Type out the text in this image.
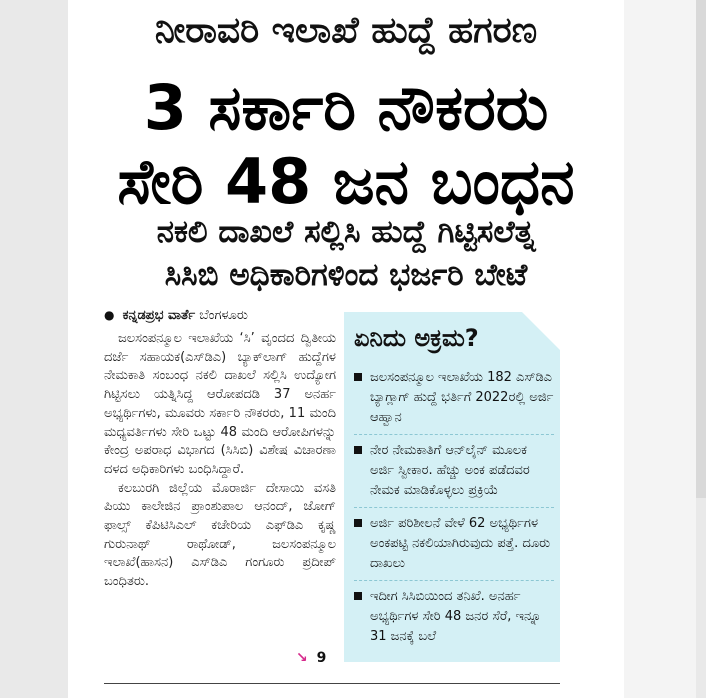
ನೀರಾವರಿ ಇಲಾಖೆ ಹುದ್ದೆ ಹಗರಣ
3 ಸರ್ಕಾರಿ ನೌಕರರು
ಸೇರಿ 48 ಜನ ಬಂಧನ
ನಕಲಿ ದಾಖಲೆ ಸಲ್ಲಿಸಿ ಹುದ್ದೆ ಗಿಟ್ಟಿಸಲೆತ್ನ
ಸಿಸಿಬಿ ಅಧಿಕಾರಿಗಳಿಂದ ಭರ್ಜರಿ ಬೇಟೆ
● ಕನ್ನಡಪ್ರಭ ವಾರ್ತೆ ಬೆಂಗಳೂರು

ಜಲಸಂಪನ್ಮೂಲ ಇಲಾಖೆಯ ‘ಸಿ’ ವೃಂದದ ದ್ವಿತೀಯ ದರ್ಜೆ ಸಹಾಯಕ(ಎಸ್‌ಡಿಎ) ಬ್ಯಾಕ್‌ಲಾಗ್ ಹುದ್ದೆಗಳ ನೇಮಕಾತಿ ಸಂಬಂಧ ನಕಲಿ ದಾಖಲೆ ಸಲ್ಲಿಸಿ ಉದ್ಯೋಗ ಗಿಟ್ಟಿಸಲು ಯತ್ನಿಸಿದ್ದ ಆರೋಪದಡಿ 37 ಅನರ್ಹ ಅಭ್ಯರ್ಥಿಗಳು, ಮೂವರು ಸರ್ಕಾರಿ ನೌಕರರು, 11 ಮಂದಿ ಮಧ್ಯವರ್ತಿಗಳು ಸೇರಿ ಒಟ್ಟು 48 ಮಂದಿ ಆರೋಪಿಗಳನ್ನು ಕೇಂದ್ರ ಅಪರಾಧ ವಿಭಾಗದ (ಸಿಸಿಬಿ) ವಿಶೇಷ ವಿಚಾರಣಾ ದಳದ ಅಧಿಕಾರಿಗಳು ಬಂಧಿಸಿದ್ದಾರೆ.

ಕಲಬುರಗಿ ಜಿಲ್ಲೆಯ ಮೊರಾರ್ಜಿ ದೇಸಾಯಿ ವಸತಿ ಪಿಯು ಕಾಲೇಜಿನ ಪ್ರಾಂಶುಪಾಲ ಆನಂದ್, ಜೋಗ್ ಫಾಲ್ಸ್ ಕೆಪಿಟಿಸಿಎಲ್ ಕಚೇರಿಯ ಎಫ್‌ಡಿಎ ಕೃಷ್ಣ ಗುರುನಾಥ್ ರಾಥೋಡ್, ಜಲಸಂಪನ್ಮೂಲ ಇಲಾಖೆ(ಹಾಸನ) ಎಸ್‌ಡಿಎ ಗಂಗೂರು ಪ್ರದೀಪ್ ಬಂಧಿತರು.

↘ 9
ಏನಿದು ಅಕ್ರಮ?
ಜಲಸಂಪನ್ಮೂಲ ಇಲಾಖೆಯ 182 ಎಸ್‌ಡಿಎ ಬ್ಯಾಗ್ಲಾಗ್ ಹುದ್ದೆ ಭರ್ತಿಗೆ 2022ರಲ್ಲಿ ಅರ್ಜಿ ಆಹ್ವಾನ
ನೇರ ನೇಮಕಾತಿಗೆ ಆನ್‌ಲೈನ್ ಮೂಲಕ ಅರ್ಜಿ ಸ್ವೀಕಾರ. ಹೆಚ್ಚು ಅಂಕ ಪಡೆದವರ ನೇಮಕ ಮಾಡಿಕೊಳ್ಳಲು ಪ್ರಕ್ರಿಯೆ
ಅರ್ಜಿ ಪರಿಶೀಲನೆ ವೇಳೆ 62 ಅಭ್ಯರ್ಥಿಗಳ ಅಂಕಪಟ್ಟಿ ನಕಲಿಯಾಗಿರುವುದು ಪತ್ತೆ. ದೂರು ದಾಖಲು
ಇದೀಗ ಸಿಸಿಬಿಯಿಂದ ತನಿಖೆ. ಅನರ್ಹ ಅಭ್ಯರ್ಥಿಗಳ ಸೇರಿ 48 ಜನರ ಸೆರೆ, ಇನ್ನೂ 31 ಜನಕ್ಕೆ ಬಲೆ
